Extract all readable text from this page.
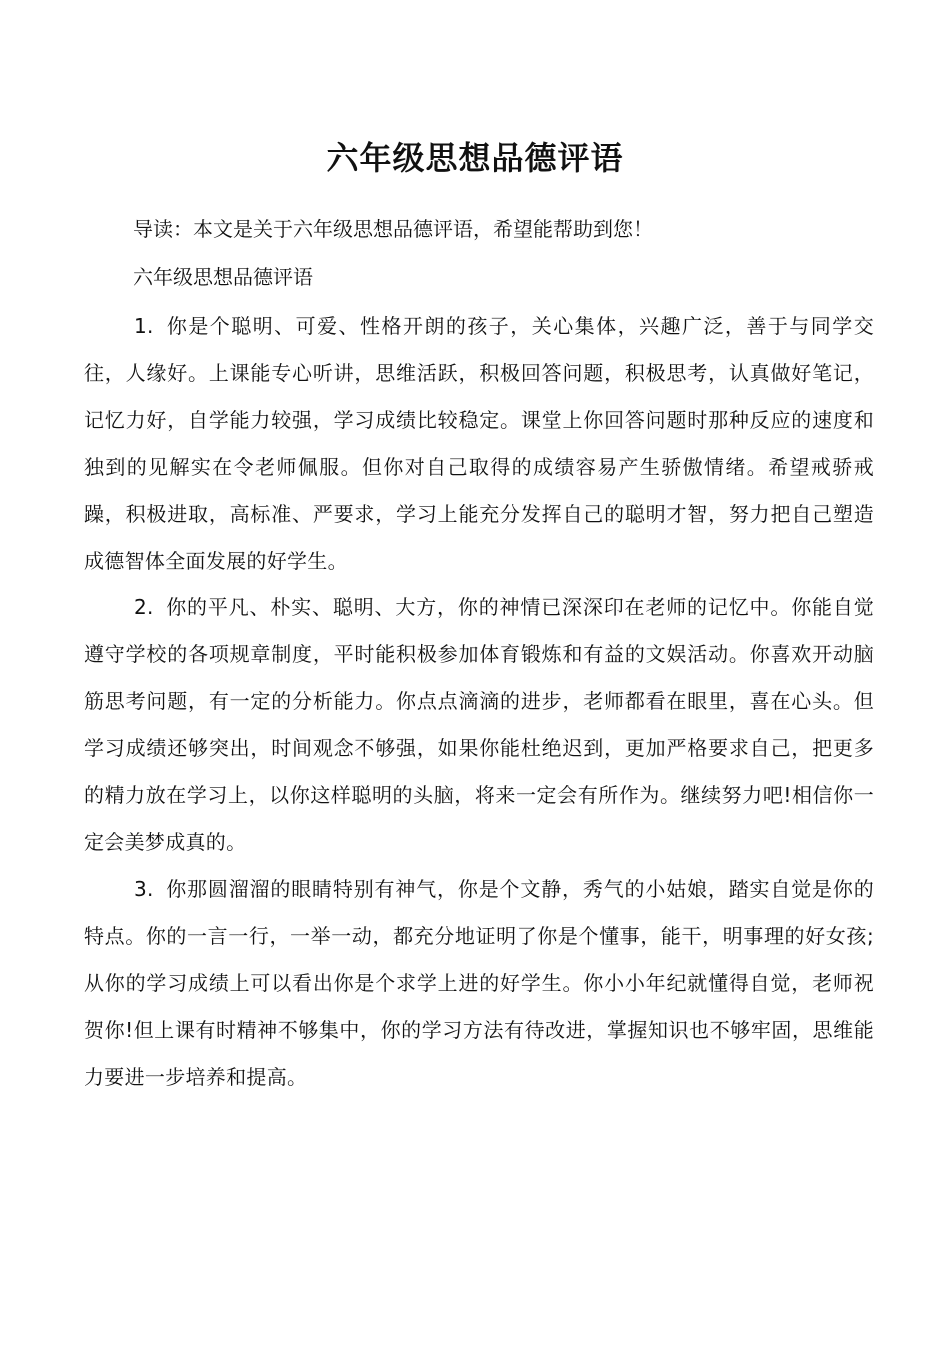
六年级思想品德评语
导读：本文是关于六年级思想品德评语，希望能帮助到您！
六年级思想品德评语

1. 你是个聪明、可爱、性格开朗的孩子，关心集体，兴趣广泛，善于与同学交往，人缘好。上课能专心听讲，思维活跃，积极回答问题，积极思考，认真做好笔记，记忆力好，自学能力较强，学习成绩比较稳定。课堂上你回答问题时那种反应的速度和独到的见解实在令老师佩服。但你对自己取得的成绩容易产生骄傲情绪。希望戒骄戒躁，积极进取，高标准、严要求，学习上能充分发挥自己的聪明才智，努力把自己塑造成德智体全面发展的好学生。

2. 你的平凡、朴实、聪明、大方，你的神情已深深印在老师的记忆中。你能自觉遵守学校的各项规章制度，平时能积极参加体育锻炼和有益的文娱活动。你喜欢开动脑筋思考问题，有一定的分析能力。你点点滴滴的进步，老师都看在眼里，喜在心头。但学习成绩还够突出，时间观念不够强，如果你能杜绝迟到，更加严格要求自己，把更多的精力放在学习上，以你这样聪明的头脑，将来一定会有所作为。继续努力吧!相信你一定会美梦成真的。

3. 你那圆溜溜的眼睛特别有神气，你是个文静，秀气的小姑娘，踏实自觉是你的特点。你的一言一行，一举一动，都充分地证明了你是个懂事，能干，明事理的好女孩;从你的学习成绩上可以看出你是个求学上进的好学生。你小小年纪就懂得自觉，老师祝贺你!但上课有时精神不够集中，你的学习方法有待改进，掌握知识也不够牢固，思维能力要进一步培养和提高。
